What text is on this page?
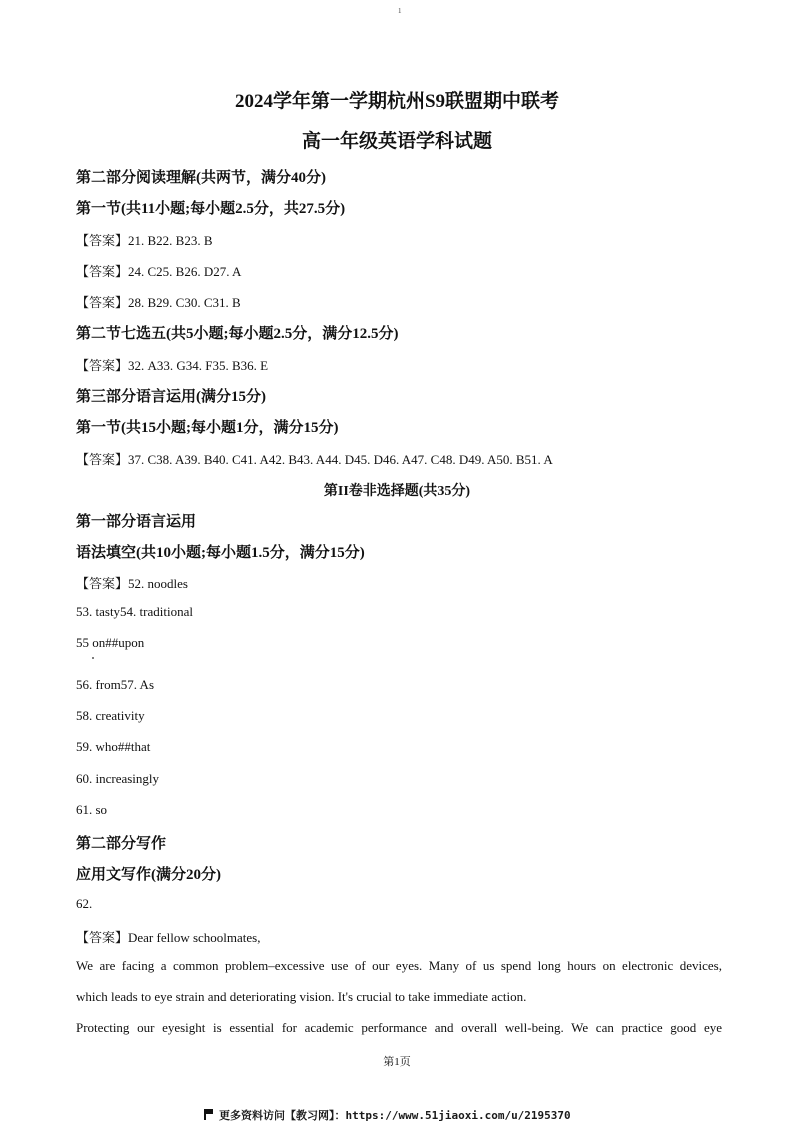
1
2024学年第一学期杭州S9联盟期中联考
高一年级英语学科试题
第二部分阅读理解(共两节，满分40分)
第一节(共11小题;每小题2.5分，共27.5分)
【答案】21. B22. B23. B
【答案】24. C25. B26. D27. A
【答案】28. B29. C30. C31. B
第二节七选五(共5小题;每小题2.5分，满分12.5分)
【答案】32. A33. G34. F35. B36. E
第三部分语言运用(满分15分)
第一节(共15小题;每小题1分，满分15分)
【答案】37. C38. A39. B40. C41. A42. B43. A44. D45. D46. A47. C48. D49. A50. B51. A
第II卷非选择题(共35分)
第一部分语言运用
语法填空(共10小题;每小题1.5分，满分15分)
【答案】52. noodles
53. tasty54. traditional
55 on##upon
56. from57. As
58. creativity
59. who##that
60. increasingly
61. so
第二部分写作
应用文写作(满分20分)
62.
【答案】Dear fellow schoolmates,
We are facing a common problem–excessive use of our eyes. Many of us spend long hours on electronic devices,
which leads to eye strain and deteriorating vision. It's crucial to take immediate action.
Protecting our eyesight is essential for academic performance and overall well-being. We can practice good eye
第1页
更多资料访问【教习网】：https://www.51jiaoxi.com/u/2195370
